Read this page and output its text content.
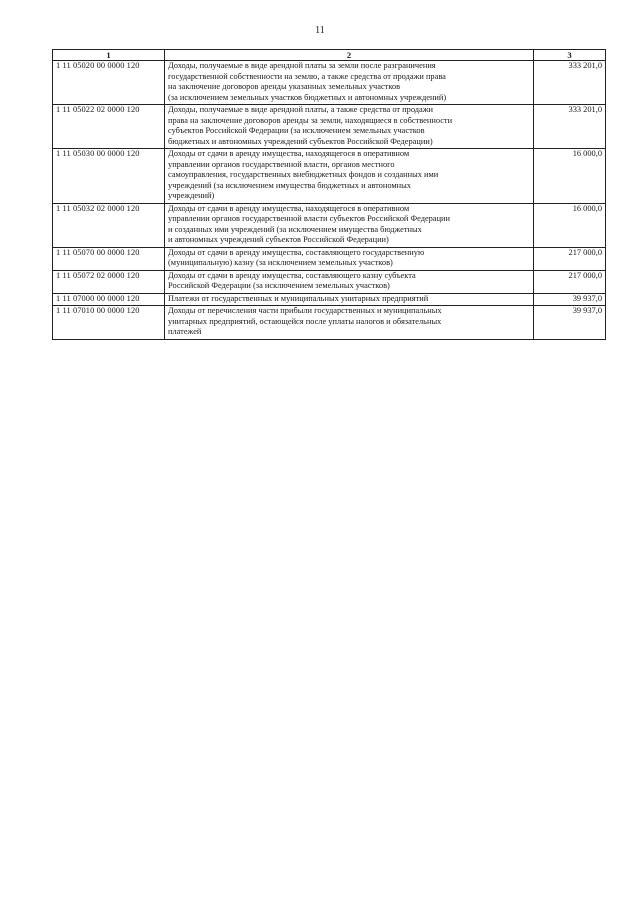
11
1	2	3
1 11 05020 00 0000 120	Доходы, получаемые в виде арендной платы за земли после разграничения
государственной собственности на землю, а также средства от продажи права
на заключение договоров аренды указанных земельных участков
(за исключением земельных участков бюджетных и автономных учреждений)	333 201,0
1 11 05022 02 0000 120	Доходы, получаемые в виде арендной платы, а также средства от продажи
права на заключение договоров аренды за земли, находящиеся в собственности
субъектов Российской Федерации (за исключением земельных участков
бюджетных и автономных учреждений субъектов Российской Федерации)	333 201,0
1 11 05030 00 0000 120	Доходы от сдачи в аренду имущества, находящегося в оперативном
управлении органов государственной власти, органов местного
самоуправления, государственных внебюджетных фондов и созданных ими
учреждений (за исключением имущества бюджетных и автономных
учреждений)	16 000,0
1 11 05032 02 0000 120	Доходы от сдачи в аренду имущества, находящегося в оперативном
управлении органов государственной власти субъектов Российской Федерации
и созданных ими учреждений (за исключением имущества бюджетных
и автономных учреждений субъектов Российской Федерации)	16 000,0
1 11 05070 00 0000 120	Доходы от сдачи в аренду имущества, составляющего государственную
(муниципальную) казну (за исключением земельных участков)	217 000,0
1 11 05072 02 0000 120	Доходы от сдачи в аренду имущества, составляющего казну субъекта
Российской Федерации (за исключением земельных участков)	217 000,0
1 11 07000 00 0000 120	Платежи от государственных и муниципальных унитарных предприятий	39 937,0
1 11 07010 00 0000 120	Доходы от перечисления части прибыли государственных и муниципальных
унитарных предприятий, остающейся после уплаты налогов и обязательных
платежей	39 937,0
